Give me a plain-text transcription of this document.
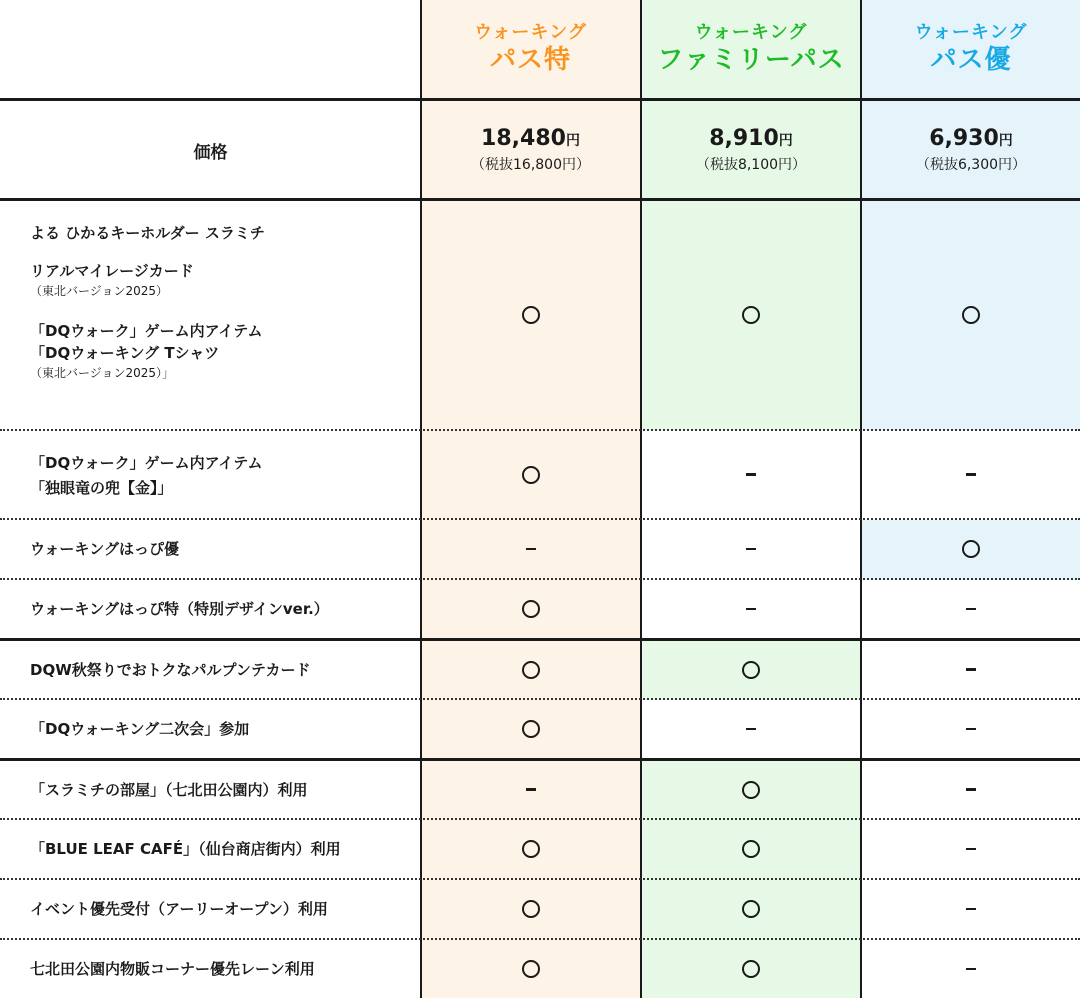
ウォーキング
パス特
ウォーキング
ファミリーパス
ウォーキング
パス優
価格
18,480円
（税抜16,800円）
8,910円
（税抜8,100円）
6,930円
（税抜6,300円）
よる ひかるキーホルダー スラミチ
リアルマイレージカード
（東北バージョン2025）
「DQウォーク」ゲーム内アイテム
「DQウォーキング Tシャツ
（東北バージョン2025）」
「DQウォーク」ゲーム内アイテム
「独眼竜の兜【金】」
ウォーキングはっぴ優
ウォーキングはっぴ特（特別デザインver.）
DQW秋祭りでおトクなパルプンテカード
「DQウォーキング二次会」参加
「スラミチの部屋」（七北田公園内）利用
「BLUE LEAF CAFÉ」（仙台商店街内）利用
イベント優先受付（アーリーオープン）利用
七北田公園内物販コーナー優先レーン利用
